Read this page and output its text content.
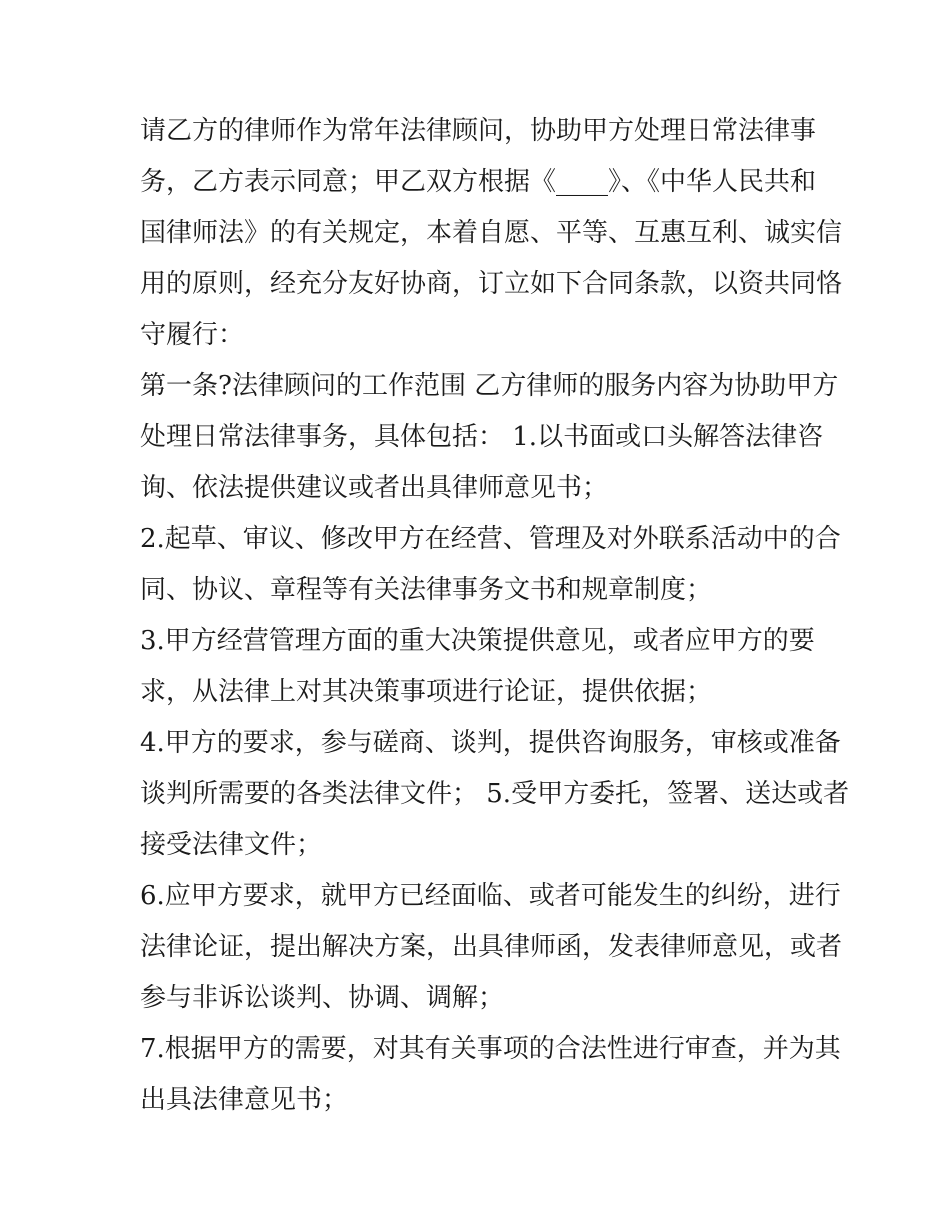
请乙方的律师作为常年法律顾问，协助甲方处理日常法律事
务，乙方表示同意；甲乙双方根据《____》、《中华人民共和
国律师法》的有关规定，本着自愿、平等、互惠互利、诚实信
用的原则，经充分友好协商，订立如下合同条款，以资共同恪
守履行：
第一条?法律顾问的工作范围 乙方律师的服务内容为协助甲方
处理日常法律事务，具体包括： 1.以书面或口头解答法律咨
询、依法提供建议或者出具律师意见书；
2.起草、审议、修改甲方在经营、管理及对外联系活动中的合
同、协议、章程等有关法律事务文书和规章制度；
3.甲方经营管理方面的重大决策提供意见，或者应甲方的要
求，从法律上对其决策事项进行论证，提供依据；
4.甲方的要求，参与磋商、谈判，提供咨询服务，审核或准备
谈判所需要的各类法律文件； 5.受甲方委托，签署、送达或者
接受法律文件；
6.应甲方要求，就甲方已经面临、或者可能发生的纠纷，进行
法律论证，提出解决方案，出具律师函，发表律师意见，或者
参与非诉讼谈判、协调、调解；
7.根据甲方的需要，对其有关事项的合法性进行审查，并为其
出具法律意见书；
